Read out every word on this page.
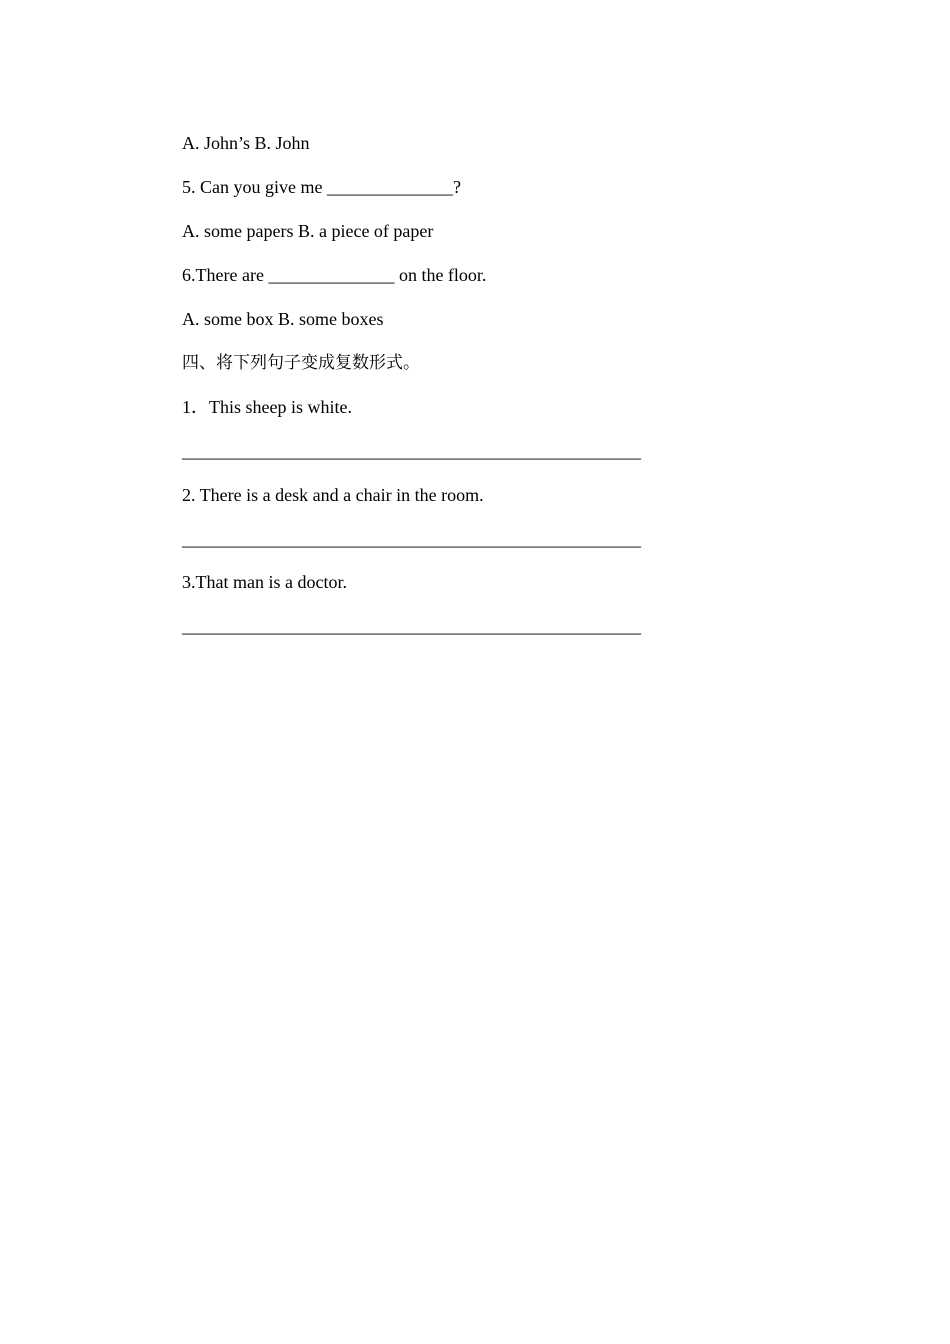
A. John’s B. John
5. Can you give me ______________?
A. some papers B. a piece of paper
6.There are ______________ on the floor.
A. some box B. some boxes
四、将下列句子变成复数形式。
1．This sheep is white.
___________________________________________________
2. There is a desk and a chair in the room.
___________________________________________________
3.That man is a doctor.
___________________________________________________
